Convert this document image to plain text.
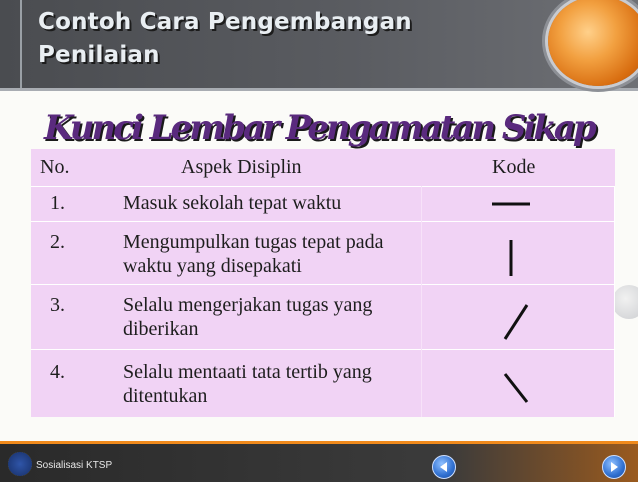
Contoh Cara Pengembangan Penilaian
Kunci Lembar Pengamatan Sikap
No.	Aspek Disiplin	Kode
1.	Masuk sekolah tepat waktu
2.	Mengumpulkan tugas tepat pada waktu yang disepakati
3.	Selalu mengerjakan tugas yang diberikan
4.	Selalu mentaati tata tertib yang ditentukan
Sosialisasi KTSP
